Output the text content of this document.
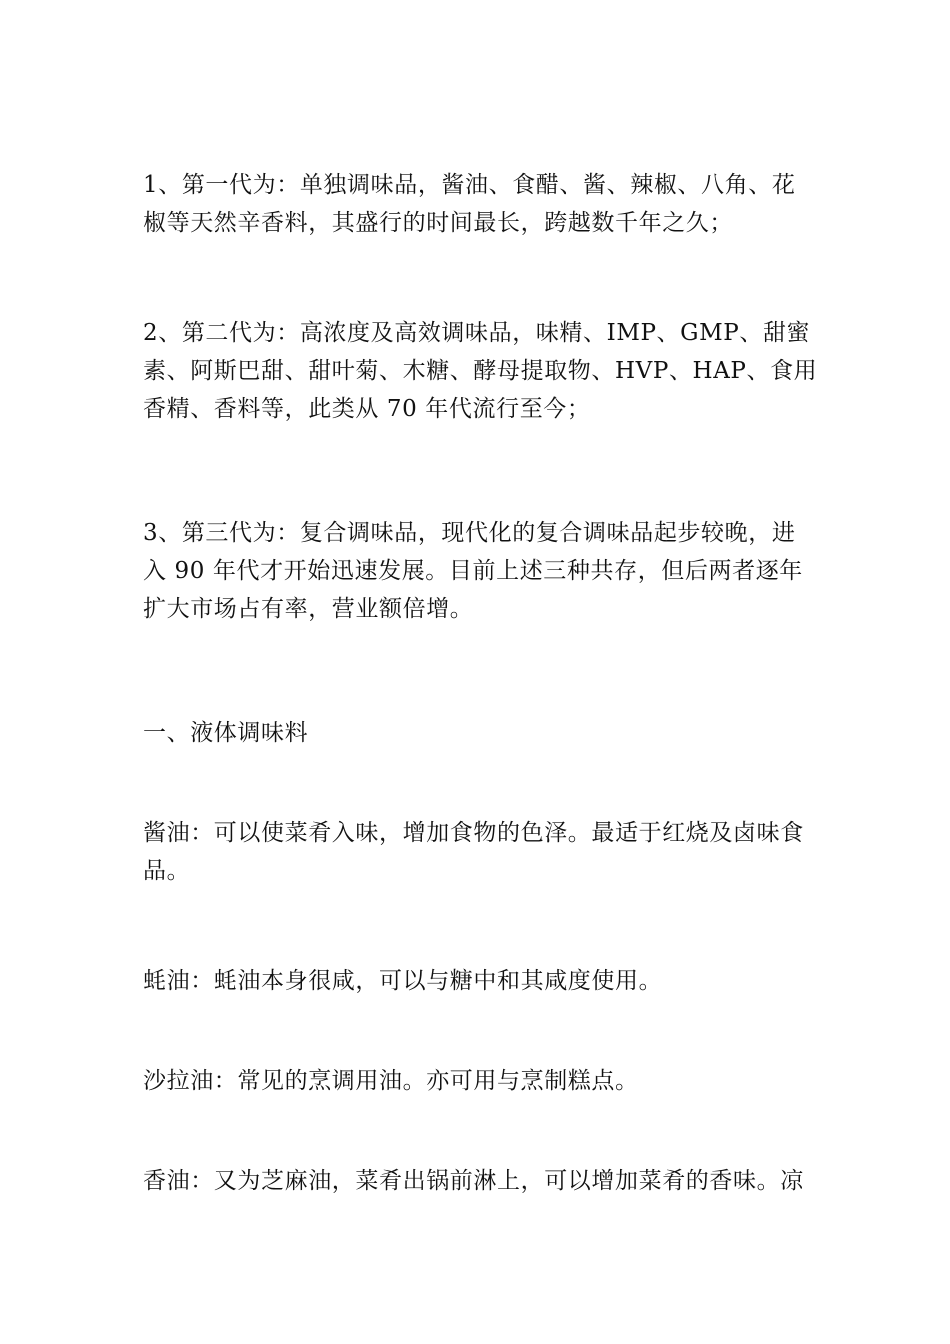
1、第一代为：单独调味品，酱油、食醋、酱、辣椒、八角、花
椒等天然辛香料，其盛行的时间最长，跨越数千年之久；

2、第二代为：高浓度及高效调味品，味精、IMP、GMP、甜蜜
素、阿斯巴甜、甜叶菊、木糖、酵母提取物、HVP、HAP、食用
香精、香料等，此类从 70 年代流行至今；

3、第三代为：复合调味品，现代化的复合调味品起步较晚，进
入 90 年代才开始迅速发展。目前上述三种共存，但后两者逐年
扩大市场占有率，营业额倍增。

一、液体调味料

酱油：可以使菜肴入味，增加食物的色泽。最适于红烧及卤味食
品。

蚝油：蚝油本身很咸，可以与糖中和其咸度使用。

沙拉油：常见的烹调用油。亦可用与烹制糕点。

香油：又为芝麻油，菜肴出锅前淋上，可以增加菜肴的香味。凉
